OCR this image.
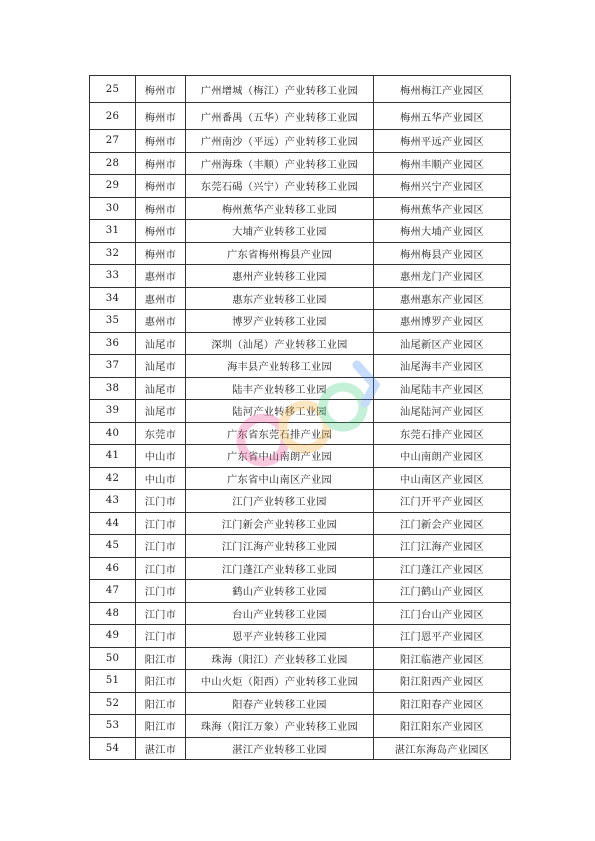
25	梅州市	广州增城（梅江）产业转移工业园	梅州梅江产业园区
26	梅州市	广州番禺（五华）产业转移工业园	梅州五华产业园区
27	梅州市	广州南沙（平远）产业转移工业园	梅州平远产业园区
28	梅州市	广州海珠（丰顺）产业转移工业园	梅州丰顺产业园区
29	梅州市	东莞石碣（兴宁）产业转移工业园	梅州兴宁产业园区
30	梅州市	梅州蕉华产业转移工业园	梅州蕉华产业园区
31	梅州市	大埔产业转移工业园	梅州大埔产业园区
32	梅州市	广东省梅州梅县产业园	梅州梅县产业园区
33	惠州市	惠州产业转移工业园	惠州龙门产业园区
34	惠州市	惠东产业转移工业园	惠州惠东产业园区
35	惠州市	博罗产业转移工业园	惠州博罗产业园区
36	汕尾市	深圳（汕尾）产业转移工业园	汕尾新区产业园区
37	汕尾市	海丰县产业转移工业园	汕尾海丰产业园区
38	汕尾市	陆丰产业转移工业园	汕尾陆丰产业园区
39	汕尾市	陆河产业转移工业园	汕尾陆河产业园区
40	东莞市	广东省东莞石排产业园	东莞石排产业园区
41	中山市	广东省中山南朗产业园	中山南朗产业园区
42	中山市	广东省中山南区产业园	中山南区产业园区
43	江门市	江门产业转移工业园	江门开平产业园区
44	江门市	江门新会产业转移工业园	江门新会产业园区
45	江门市	江门江海产业转移工业园	江门江海产业园区
46	江门市	江门蓬江产业转移工业园	江门蓬江产业园区
47	江门市	鹤山产业转移工业园	江门鹤山产业园区
48	江门市	台山产业转移工业园	江门台山产业园区
49	江门市	恩平产业转移工业园	江门恩平产业园区
50	阳江市	珠海（阳江）产业转移工业园	阳江临港产业园区
51	阳江市	中山火炬（阳西）产业转移工业园	阳江阳西产业园区
52	阳江市	阳春产业转移工业园	阳江阳春产业园区
53	阳江市	珠海（阳江万象）产业转移工业园	阳江阳东产业园区
54	湛江市	湛江产业转移工业园	湛江东海岛产业园区
